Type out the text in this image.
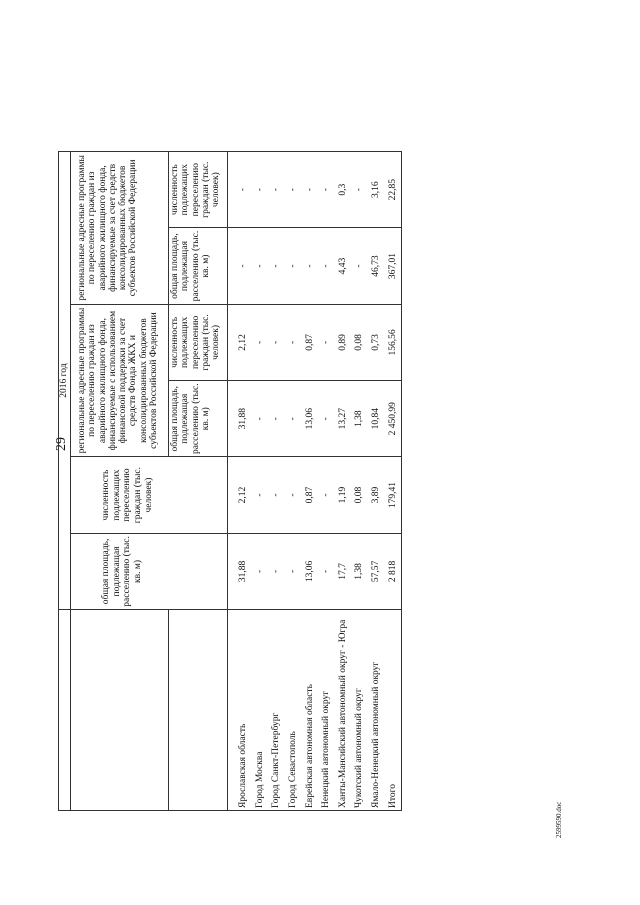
29
	2016 год					
	общая площадь, подлежащая расселению (тыс. кв. м)	численность подлежащих переселению граждан (тыс. человек)	региональные адресные программы по переселению граждан из аварийного жилищного фонда, финансируемые с использованием финансовой поддержки за счет средств Фонда ЖКХ и консолидированных бюджетов субъектов Российской Федерации		региональные адресные программы по переселению граждан из аварийного жилищного фонда, финансируемые за счет средств консолидированных бюджетов субъектов Российской Федерации	
			общая площадь, подлежащая расселению (тыс. кв. м)	численность подлежащих переселению граждан (тыс. человек)	общая площадь, подлежащая расселению (тыс. кв. м)	численность подлежащих переселению граждан (тыс. человек)
Ярославская область	31,88	2,12	31,88	2,12	-	-
Город Москва	-	-	-	-	-	-
Город Санкт-Петербург	-	-	-	-	-	-
Город Севастополь	-	-	-	-	-	-
Еврейская автономная область	13,06	0,87	13,06	0,87	-	-
Ненецкий автономный округ	-	-	-	-	-	-
Ханты-Мансийский автономный округ - Югра	17,7	1,19	13,27	0,89	4,43	0,3
Чукотский автономный округ	1,38	0,08	1,38	0,08	-	-
Ямало-Ненецкий автономный округ	57,57	3,89	10,84	0,73	46,73	3,16
Итого	2 818	179,41	2 450,99	156,56	367,01	22,85
2599590.doc
